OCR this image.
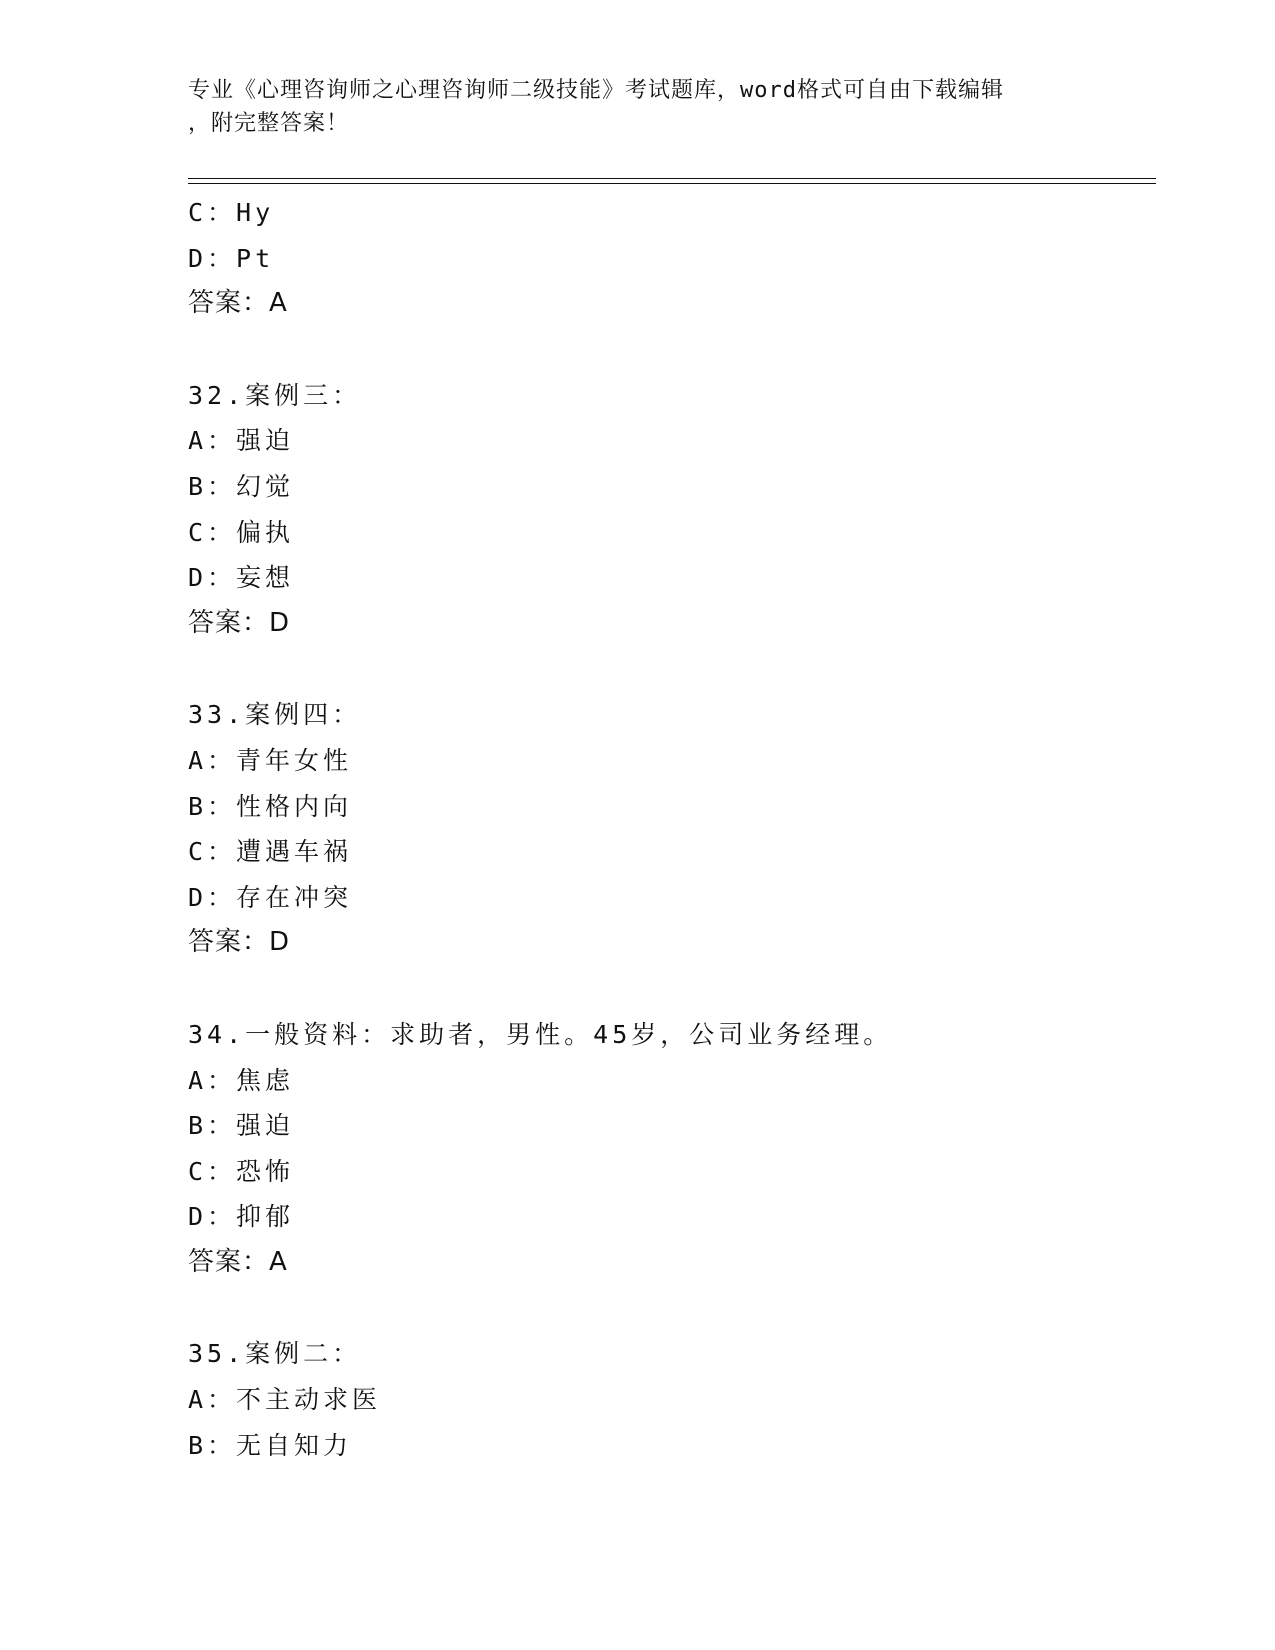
专业《心理咨询师之心理咨询师二级技能》考试题库，word格式可自由下载编辑
，附完整答案！
C：Hy
D：Pt
答案：A
32.案例三：
A：强迫
B：幻觉
C：偏执
D：妄想
答案：D
33.案例四：
A：青年女性
B：性格内向
C：遭遇车祸
D：存在冲突
答案：D
34.一般资料：求助者，男性。45岁，公司业务经理。
A：焦虑
B：强迫
C：恐怖
D：抑郁
答案：A
35.案例二：
A：不主动求医
B：无自知力
